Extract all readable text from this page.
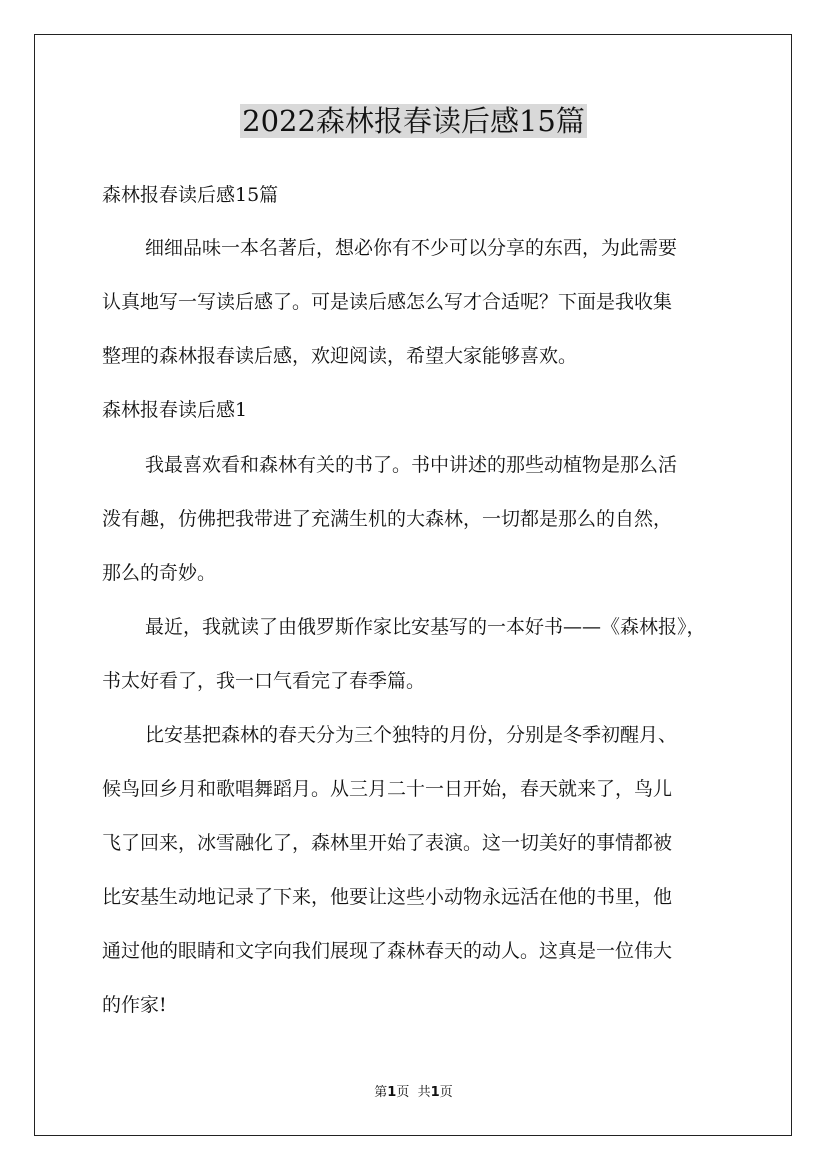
2022森林报春读后感15篇
森林报春读后感15篇
细细品味一本名著后，想必你有不少可以分享的东西，为此需要
认真地写一写读后感了。可是读后感怎么写才合适呢？下面是我收集
整理的森林报春读后感，欢迎阅读，希望大家能够喜欢。
森林报春读后感1
我最喜欢看和森林有关的书了。书中讲述的那些动植物是那么活
泼有趣，仿佛把我带进了充满生机的大森林，一切都是那么的自然，
那么的奇妙。
最近，我就读了由俄罗斯作家比安基写的一本好书——《森林报》，
书太好看了，我一口气看完了春季篇。
比安基把森林的春天分为三个独特的月份，分别是冬季初醒月、
候鸟回乡月和歌唱舞蹈月。从三月二十一日开始，春天就来了，鸟儿
飞了回来，冰雪融化了，森林里开始了表演。这一切美好的事情都被
比安基生动地记录了下来，他要让这些小动物永远活在他的书里，他
通过他的眼睛和文字向我们展现了森林春天的动人。这真是一位伟大
的作家!
第1页 共1页
